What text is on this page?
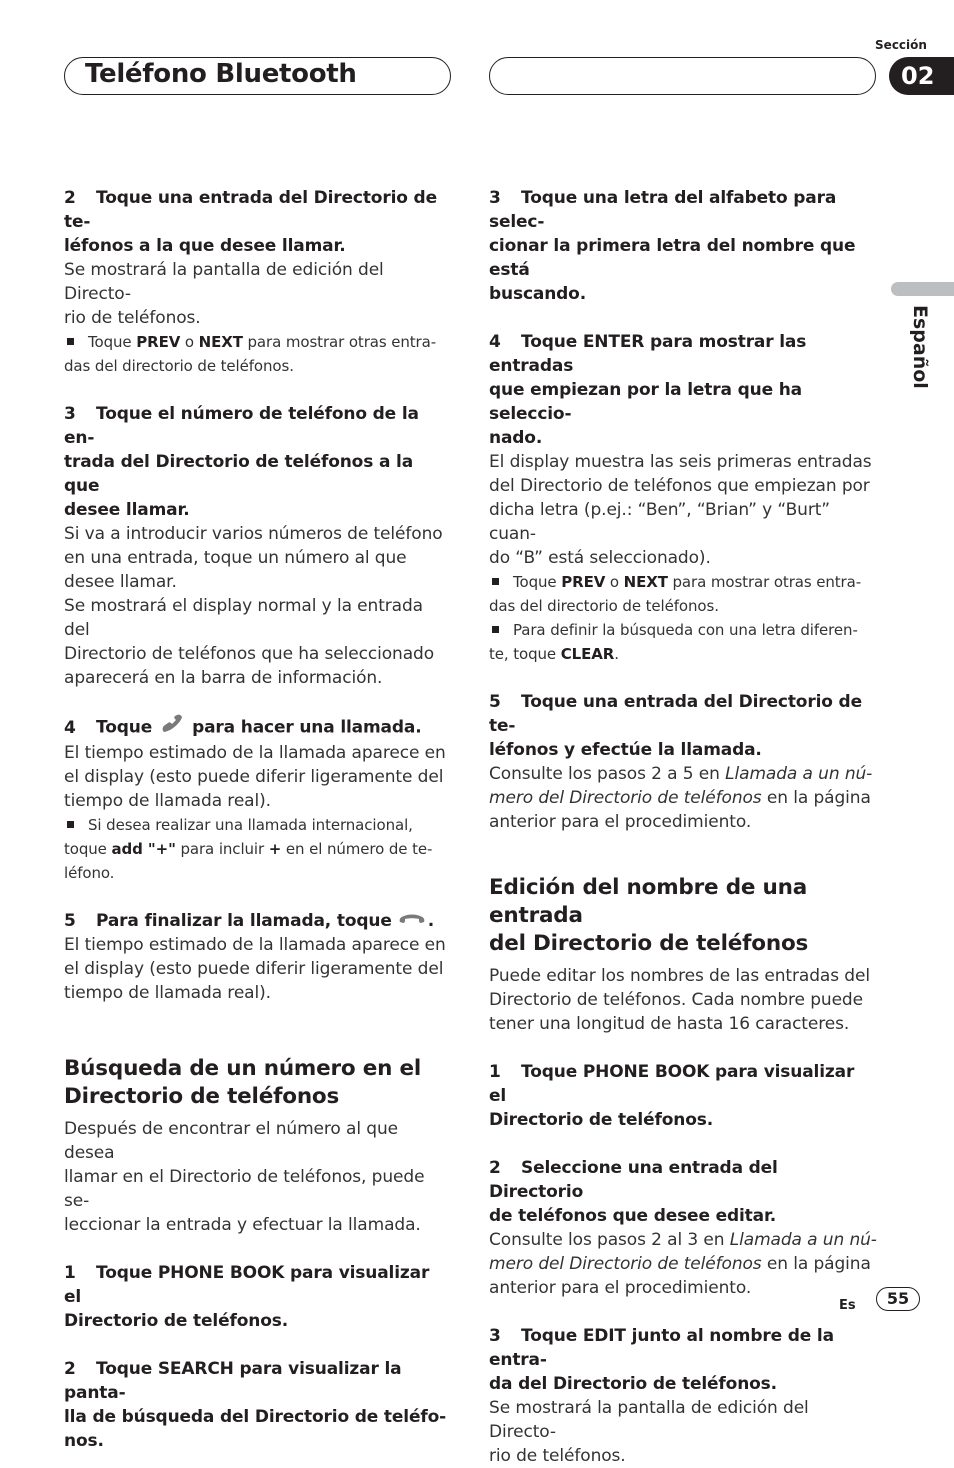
Teléfono Bluetooth
Sección
02
Español

2 Toque una entrada del Directorio de te-

léfonos a la que desee llamar.

Se mostrará la pantalla de edición del Directo-

rio de teléfonos.

Toque PREV o NEXT para mostrar otras entra-

das del directorio de teléfonos.

3 Toque el número de teléfono de la en-

trada del Directorio de teléfonos a la que

desee llamar.

Si va a introducir varios números de teléfono

en una entrada, toque un número al que

desee llamar.

Se mostrará el display normal y la entrada del

Directorio de teléfonos que ha seleccionado

aparecerá en la barra de información.

4 Toque para hacer una llamada.

El tiempo estimado de la llamada aparece en

el display (esto puede diferir ligeramente del

tiempo de llamada real).

Si desea realizar una llamada internacional,

toque add "+" para incluir + en el número de te-

léfono.

5 Para finalizar la llamada, toque .

El tiempo estimado de la llamada aparece en

el display (esto puede diferir ligeramente del

tiempo de llamada real).

Búsqueda de un número en el

Directorio de teléfonos

Después de encontrar el número al que desea

llamar en el Directorio de teléfonos, puede se-

leccionar la entrada y efectuar la llamada.

1 Toque PHONE BOOK para visualizar el

Directorio de teléfonos.

2 Toque SEARCH para visualizar la panta-

lla de búsqueda del Directorio de teléfo-

nos.

3 Toque una letra del alfabeto para selec-

cionar la primera letra del nombre que está

buscando.

4 Toque ENTER para mostrar las entradas

que empiezan por la letra que ha seleccio-

nado.

El display muestra las seis primeras entradas

del Directorio de teléfonos que empiezan por

dicha letra (p.ej.: “Ben”, “Brian” y “Burt” cuan-

do “B” está seleccionado).

Toque PREV o NEXT para mostrar otras entra-

das del directorio de teléfonos.

Para definir la búsqueda con una letra diferen-

te, toque CLEAR.

5 Toque una entrada del Directorio de te-

léfonos y efectúe la llamada.

Consulte los pasos 2 a 5 en Llamada a un nú-

mero del Directorio de teléfonos en la página

anterior para el procedimiento.

Edición del nombre de una entrada

del Directorio de teléfonos

Puede editar los nombres de las entradas del

Directorio de teléfonos. Cada nombre puede

tener una longitud de hasta 16 caracteres.

1 Toque PHONE BOOK para visualizar el

Directorio de teléfonos.

2 Seleccione una entrada del Directorio

de teléfonos que desee editar.

Consulte los pasos 2 al 3 en Llamada a un nú-

mero del Directorio de teléfonos en la página

anterior para el procedimiento.

3 Toque EDIT junto al nombre de la entra-

da del Directorio de teléfonos.

Se mostrará la pantalla de edición del Directo-

rio de teléfonos.

Es	55
